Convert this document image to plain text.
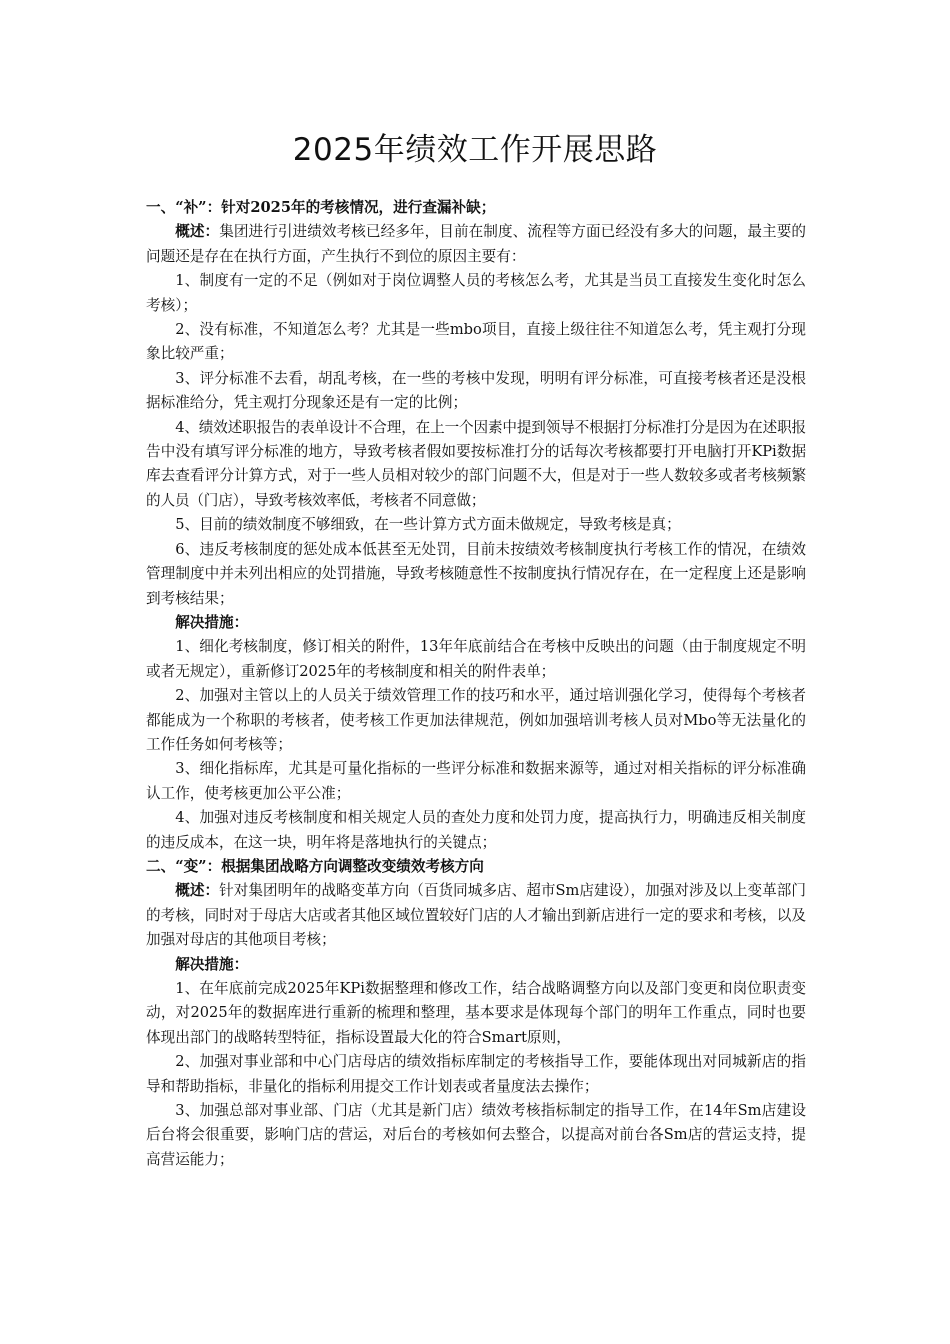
2025年绩效工作开展思路

一、“补”：针对2025年的考核情况，进行查漏补缺；

概述：集团进行引进绩效考核已经多年，目前在制度、流程等方面已经没有多大的问题，最主要的问题还是存在在执行方面，产生执行不到位的原因主要有：

1、制度有一定的不足（例如对于岗位调整人员的考核怎么考，尤其是当员工直接发生变化时怎么考核）；

2、没有标准，不知道怎么考？尤其是一些mbo项目，直接上级往往不知道怎么考，凭主观打分现象比较严重；

3、评分标准不去看，胡乱考核，在一些的考核中发现，明明有评分标准，可直接考核者还是没根据标准给分，凭主观打分现象还是有一定的比例；

4、绩效述职报告的表单设计不合理，在上一个因素中提到领导不根据打分标准打分是因为在述职报告中没有填写评分标准的地方，导致考核者假如要按标准打分的话每次考核都要打开电脑打开KPi数据库去查看评分计算方式，对于一些人员相对较少的部门问题不大，但是对于一些人数较多或者考核频繁的人员（门店），导致考核效率低，考核者不同意做；

5、目前的绩效制度不够细致，在一些计算方式方面未做规定，导致考核是真；

6、违反考核制度的惩处成本低甚至无处罚，目前未按绩效考核制度执行考核工作的情况，在绩效管理制度中并未列出相应的处罚措施，导致考核随意性不按制度执行情况存在，在一定程度上还是影响到考核结果；

解决措施：

1、细化考核制度，修订相关的附件，13年年底前结合在考核中反映出的问题（由于制度规定不明或者无规定），重新修订2025年的考核制度和相关的附件表单；

2、加强对主管以上的人员关于绩效管理工作的技巧和水平，通过培训强化学习，使得每个考核者都能成为一个称职的考核者，使考核工作更加法律规范，例如加强培训考核人员对Mbo等无法量化的工作任务如何考核等；

3、细化指标库，尤其是可量化指标的一些评分标准和数据来源等，通过对相关指标的评分标准确认工作，使考核更加公平公准；

4、加强对违反考核制度和相关规定人员的查处力度和处罚力度，提高执行力，明确违反相关制度的违反成本，在这一块，明年将是落地执行的关键点；

二、“变”：根据集团战略方向调整改变绩效考核方向

概述：针对集团明年的战略变革方向（百货同城多店、超市Sm店建设），加强对涉及以上变革部门的考核，同时对于母店大店或者其他区域位置较好门店的人才输出到新店进行一定的要求和考核，以及加强对母店的其他项目考核；

解决措施：

1、在年底前完成2025年KPi数据整理和修改工作，结合战略调整方向以及部门变更和岗位职责变动，对2025年的数据库进行重新的梳理和整理，基本要求是体现每个部门的明年工作重点，同时也要体现出部门的战略转型特征，指标设置最大化的符合Smart原则，

2、加强对事业部和中心门店母店的绩效指标库制定的考核指导工作，要能体现出对同城新店的指导和帮助指标，非量化的指标利用提交工作计划表或者量度法去操作；

3、加强总部对事业部、门店（尤其是新门店）绩效考核指标制定的指导工作，在14年Sm店建设后台将会很重要，影响门店的营运，对后台的考核如何去整合，以提高对前台各Sm店的营运支持，提高营运能力；
